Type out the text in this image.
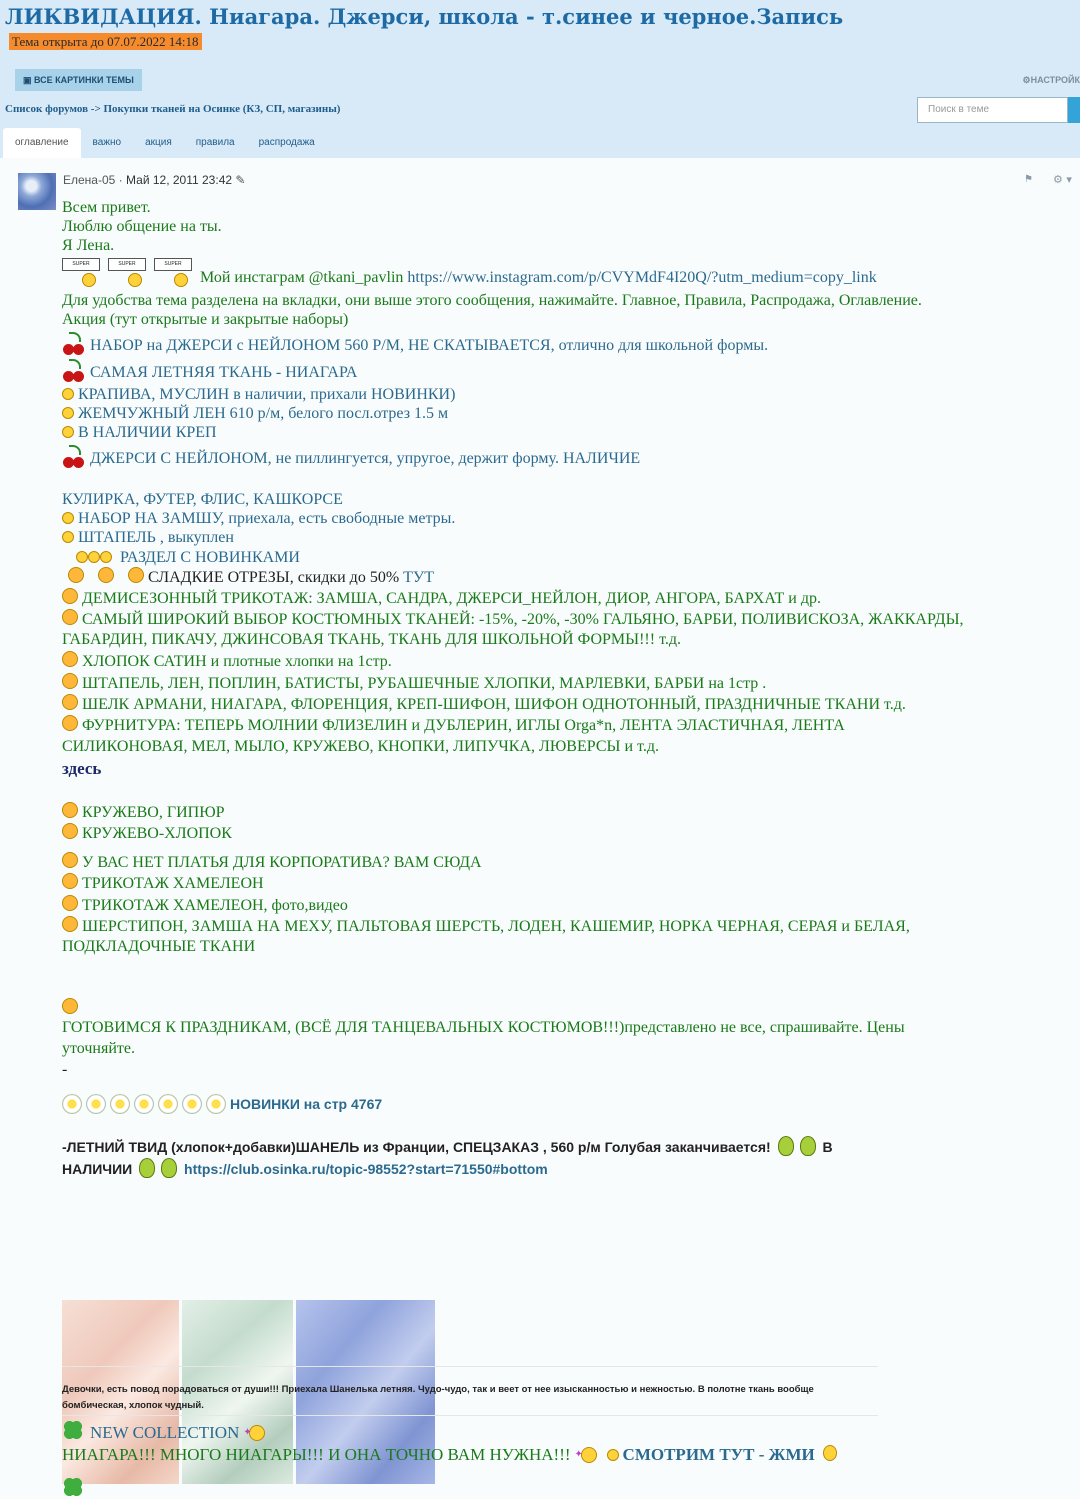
ЛИКВИДАЦИЯ. Ниагара. Джерси, школа - т.синее и черное.Запись
Тема открыта до 07.07.2022 14:18
▣ ВСЕ КАРТИНКИ ТЕМЫ	⚙НАСТРОЙК
Список форумов -> Покупки тканей на Осинке (КЗ, СП, магазины)	Поиск в теме
оглавление	важно	акция	правила	распродажа
Елена-05 · Май 12, 2011 23:42 ✎	⚑ ⚙ ▾
Всем привет.
Люблю общение на ты.
Я Лена.
SUPER	SUPER	SUPER
Мой инстаграм @tkani_pavlin https://www.instagram.com/p/CVYMdF4I20Q/?utm_medium=copy_link
Для удобства тема разделена на вкладки, они выше этого сообщения, нажимайте. Главное, Правила, Распродажа, Оглавление.
Акция (тут открытые и закрытые наборы)
НАБОР на ДЖЕРСИ с НЕЙЛОНОМ 560 Р/М, НЕ СКАТЫВАЕТСЯ, отлично для школьной формы.
САМАЯ ЛЕТНЯЯ ТКАНЬ - НИАГАРА
КРАПИВА, МУСЛИН в наличии, прихали НОВИНКИ)
ЖЕМЧУЖНЫЙ ЛЕН 610 р/м, белого посл.отрез 1.5 м
В НАЛИЧИИ КРЕП
ДЖЕРСИ С НЕЙЛОНОМ, не пиллингуется, упругое, держит форму. НАЛИЧИЕ
КУЛИРКА, ФУТЕР, ФЛИС, КАШКОРСЕ
НАБОР НА ЗАМШУ, приехала, есть свободные метры.
ШТАПЕЛЬ , выкуплен
РАЗДЕЛ С НОВИНКАМИ
СЛАДКИЕ ОТРЕЗЫ, скидки до 50% ТУТ
ДЕМИСЕЗОННЫЙ ТРИКОТАЖ: ЗАМША, САНДРА, ДЖЕРСИ_НЕЙЛОН, ДИОР, АНГОРА, БАРХАТ и др.
САМЫЙ ШИРОКИЙ ВЫБОР КОСТЮМНЫХ ТКАНЕЙ: -15%, -20%, -30% ГАЛЬЯНО, БАРБИ, ПОЛИВИСКОЗА, ЖАККАРДЫ,
ГАБАРДИН, ПИКАЧУ, ДЖИНСОВАЯ ТКАНЬ, ТКАНЬ ДЛЯ ШКОЛЬНОЙ ФОРМЫ!!! т.д.
ХЛОПОК САТИН и плотные хлопки на 1стр.
ШТАПЕЛЬ, ЛЕН, ПОПЛИН, БАТИСТЫ, РУБАШЕЧНЫЕ ХЛОПКИ, МАРЛЕВКИ, БАРБИ на 1стр .
ШЕЛК АРМАНИ, НИАГАРА, ФЛОРЕНЦИЯ, КРЕП-ШИФОН, ШИФОН ОДНОТОННЫЙ, ПРАЗДНИЧНЫЕ ТКАНИ т.д.
ФУРНИТУРА: ТЕПЕРЬ МОЛНИИ ФЛИЗЕЛИН и ДУБЛЕРИН, ИГЛЫ Orga*n, ЛЕНТА ЭЛАСТИЧНАЯ, ЛЕНТА
СИЛИКОНОВАЯ, МЕЛ, МЫЛО, КРУЖЕВО, КНОПКИ, ЛИПУЧКА, ЛЮВЕРСЫ и т.д.
здесь
КРУЖЕВО, ГИПЮР
КРУЖЕВО-ХЛОПОК
У ВАС НЕТ ПЛАТЬЯ ДЛЯ КОРПОРАТИВА? ВАМ СЮДА
ТРИКОТАЖ ХАМЕЛЕОН
ТРИКОТАЖ ХАМЕЛЕОН, фото,видео
ШЕРСТИПОН, ЗАМША НА МЕХУ, ПАЛЬТОВАЯ ШЕРСТЬ, ЛОДЕН, КАШЕМИР, НОРКА ЧЕРНАЯ, СЕРАЯ и БЕЛАЯ,
ПОДКЛАДОЧНЫЕ ТКАНИ
ГОТОВИМСЯ К ПРАЗДНИКАМ, (ВСЁ ДЛЯ ТАНЦЕВАЛЬНЫХ КОСТЮМОВ!!!)представлено не все, спрашивайте. Цены
уточняйте.
-
НОВИНКИ на стр 4767
-ЛЕТНИЙ ТВИД (хлопок+добавки)ШАНЕЛЬ из Франции, СПЕЦЗАКАЗ , 560 р/м Голубая заканчивается!	В
НАЛИЧИИ	https://club.osinka.ru/topic-98552?start=71550#bottom
Девочки, есть повод порадоваться от души!!! Приехала Шанелька летняя. Чудо-чудо, так и веет от нее изысканностью и нежностью. В полотне ткань вообще бомбическая, хлопок чудный.
NEW COLLECTION✦
НИАГАРА!!! МНОГО НИАГАРЫ!!! И ОНА ТОЧНО ВАМ НУЖНА!!!✦	СМОТРИМ ТУТ - ЖМИ
